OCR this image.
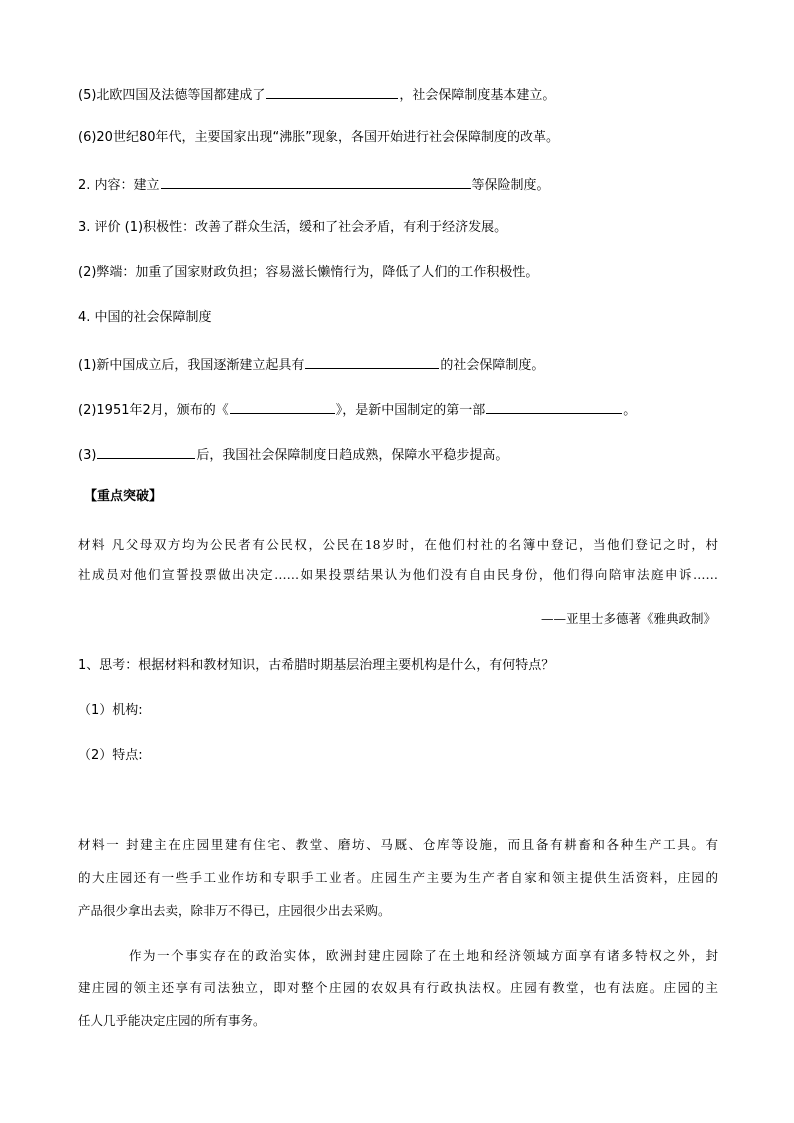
(5)北欧四国及法德等国都建成了	，社会保障制度基本建立。
(6)20世纪80年代，主要国家出现“沸胀”现象，各国开始进行社会保障制度的改革。
2. 内容：建立	等保险制度。
3. 评价 (1)积极性：改善了群众生活，缓和了社会矛盾，有利于经济发展。
(2)弊端：加重了国家财政负担；容易滋长懒惰行为，降低了人们的工作积极性。
4. 中国的社会保障制度
(1)新中国成立后，我国逐渐建立起具有	的社会保障制度。
(2)1951年2月，颁布的《	》，是新中国制定的第一部	。
(3)	后，我国社会保障制度日趋成熟，保障水平稳步提高。
【重点突破】
材料 凡父母双方均为公民者有公民权，公民在18岁时，在他们村社的名簿中登记，当他们登记之时，村
社成员对他们宣誓投票做出决定……如果投票结果认为他们没有自由民身份，他们得向陪审法庭申诉……
——亚里士多德著《雅典政制》
1、思考：根据材料和教材知识，古希腊时期基层治理主要机构是什么，有何特点？
（1）机构:
（2）特点:
材料一 封建主在庄园里建有住宅、教堂、磨坊、马厩、仓库等设施，而且备有耕畜和各种生产工具。有
的大庄园还有一些手工业作坊和专职手工业者。庄园生产主要为生产者自家和领主提供生活资料，庄园的
产品很少拿出去卖，除非万不得已，庄园很少出去采购。
作为一个事实存在的政治实体，欧洲封建庄园除了在土地和经济领域方面享有诸多特权之外，封
建庄园的领主还享有司法独立，即对整个庄园的农奴具有行政执法权。庄园有教堂，也有法庭。庄园的主
任人几乎能决定庄园的所有事务。
